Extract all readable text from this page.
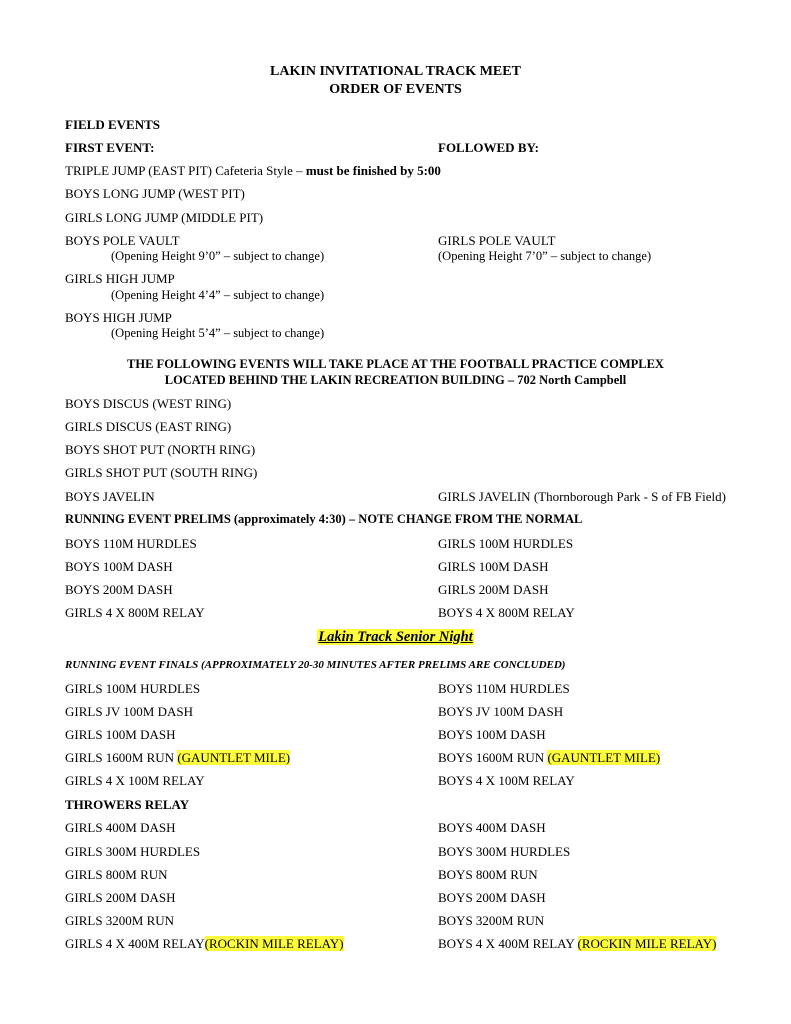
LAKIN INVITATIONAL TRACK MEET
ORDER OF EVENTS
FIELD EVENTS
FIRST EVENT:	FOLLOWED BY:
TRIPLE JUMP (EAST PIT) Cafeteria Style – must be finished by 5:00
BOYS LONG JUMP (WEST PIT)
GIRLS LONG JUMP (MIDDLE PIT)
BOYS POLE VAULT	GIRLS POLE VAULT
(Opening Height 9’0” – subject to change)	(Opening Height 7’0” – subject to change)
GIRLS HIGH JUMP
(Opening Height 4’4” – subject to change)
BOYS HIGH JUMP
(Opening Height 5’4” – subject to change)
THE FOLLOWING EVENTS WILL TAKE PLACE AT THE FOOTBALL PRACTICE COMPLEX
LOCATED BEHIND THE LAKIN RECREATION BUILDING – 702 North Campbell
BOYS DISCUS (WEST RING)
GIRLS DISCUS (EAST RING)
BOYS SHOT PUT (NORTH RING)
GIRLS SHOT PUT (SOUTH RING)
BOYS JAVELIN	GIRLS JAVELIN (Thornborough Park - S of FB Field)
RUNNING EVENT PRELIMS (approximately 4:30) – NOTE CHANGE FROM THE NORMAL
BOYS 110M HURDLES	GIRLS 100M HURDLES
BOYS 100M DASH	GIRLS 100M DASH
BOYS 200M DASH	GIRLS 200M DASH
GIRLS 4 X 800M RELAY	BOYS 4 X 800M RELAY
Lakin Track Senior Night
RUNNING EVENT FINALS (APPROXIMATELY 20-30 MINUTES AFTER PRELIMS ARE CONCLUDED)
GIRLS 100M HURDLES	BOYS 110M HURDLES
GIRLS JV 100M DASH	BOYS JV 100M DASH
GIRLS 100M DASH	BOYS 100M DASH
GIRLS 1600M RUN (GAUNTLET MILE)	BOYS 1600M RUN (GAUNTLET MILE)
GIRLS 4 X 100M RELAY	BOYS 4 X 100M RELAY
THROWERS RELAY
GIRLS 400M DASH	BOYS 400M DASH
GIRLS 300M HURDLES	BOYS 300M HURDLES
GIRLS 800M RUN	BOYS 800M RUN
GIRLS 200M DASH	BOYS 200M DASH
GIRLS 3200M RUN	BOYS 3200M RUN
GIRLS 4 X 400M RELAY(ROCKIN MILE RELAY)	BOYS 4 X 400M RELAY (ROCKIN MILE RELAY)
